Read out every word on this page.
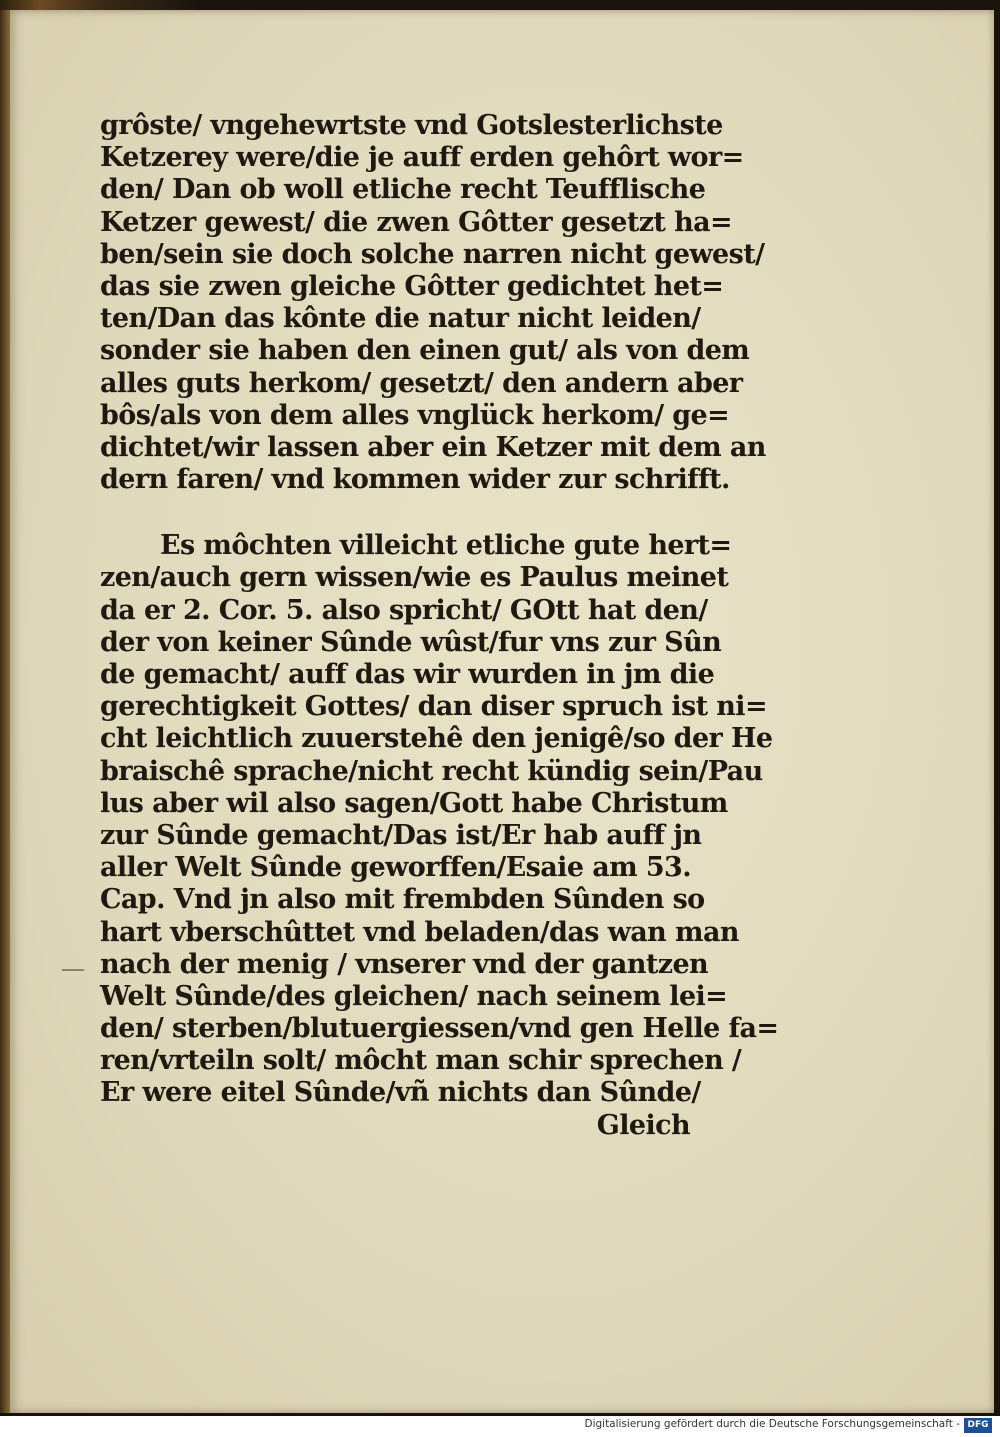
grôste/ vngehewrtste vnd Gotslesterlichste
Ketzerey were/die je auff erden gehôrt wor=
den/ Dan ob woll etliche recht Teufflische
Ketzer gewest/ die zwen Gôtter gesetzt ha=
ben/sein sie doch solche narren nicht gewest/
das sie zwen gleiche Gôtter gedichtet het=
ten/Dan das kônte die natur nicht leiden/
sonder sie haben den einen gut/ als von dem
alles guts herkom/ gesetzt/ den andern aber
bôs/als von dem alles vnglück herkom/ ge=
dichtet/wir lassen aber ein Ketzer mit dem an
dern faren/ vnd kommen wider zur schrifft.
Es môchten villeicht etliche gute hert=
zen/auch gern wissen/wie es Paulus meinet
da er 2. Cor. 5. also spricht/ GOtt hat den/
der von keiner Sûnde wûst/fur vns zur Sûn
de gemacht/ auff das wir wurden in jm die
gerechtigkeit Gottes/ dan diser spruch ist ni=
cht leichtlich zuuerstehê den jenigê/so der He
braischê sprache/nicht recht kündig sein/Pau
lus aber wil also sagen/Gott habe Christum
zur Sûnde gemacht/Das ist/Er hab auff jn
aller Welt Sûnde geworffen/Esaie am 53.
Cap. Vnd jn also mit frembden Sûnden so
hart vberschûttet vnd beladen/das wan man
nach der menig / vnserer vnd der gantzen
Welt Sûnde/des gleichen/ nach seinem lei=
den/ sterben/blutuergiessen/vnd gen Helle fa=
ren/vrteiln solt/ môcht man schir sprechen /
Er were eitel Sûnde/vñ nichts dan Sûnde/
Gleich
Digitalisierung gefördert durch die Deutsche Forschungsgemeinschaft - DFG
